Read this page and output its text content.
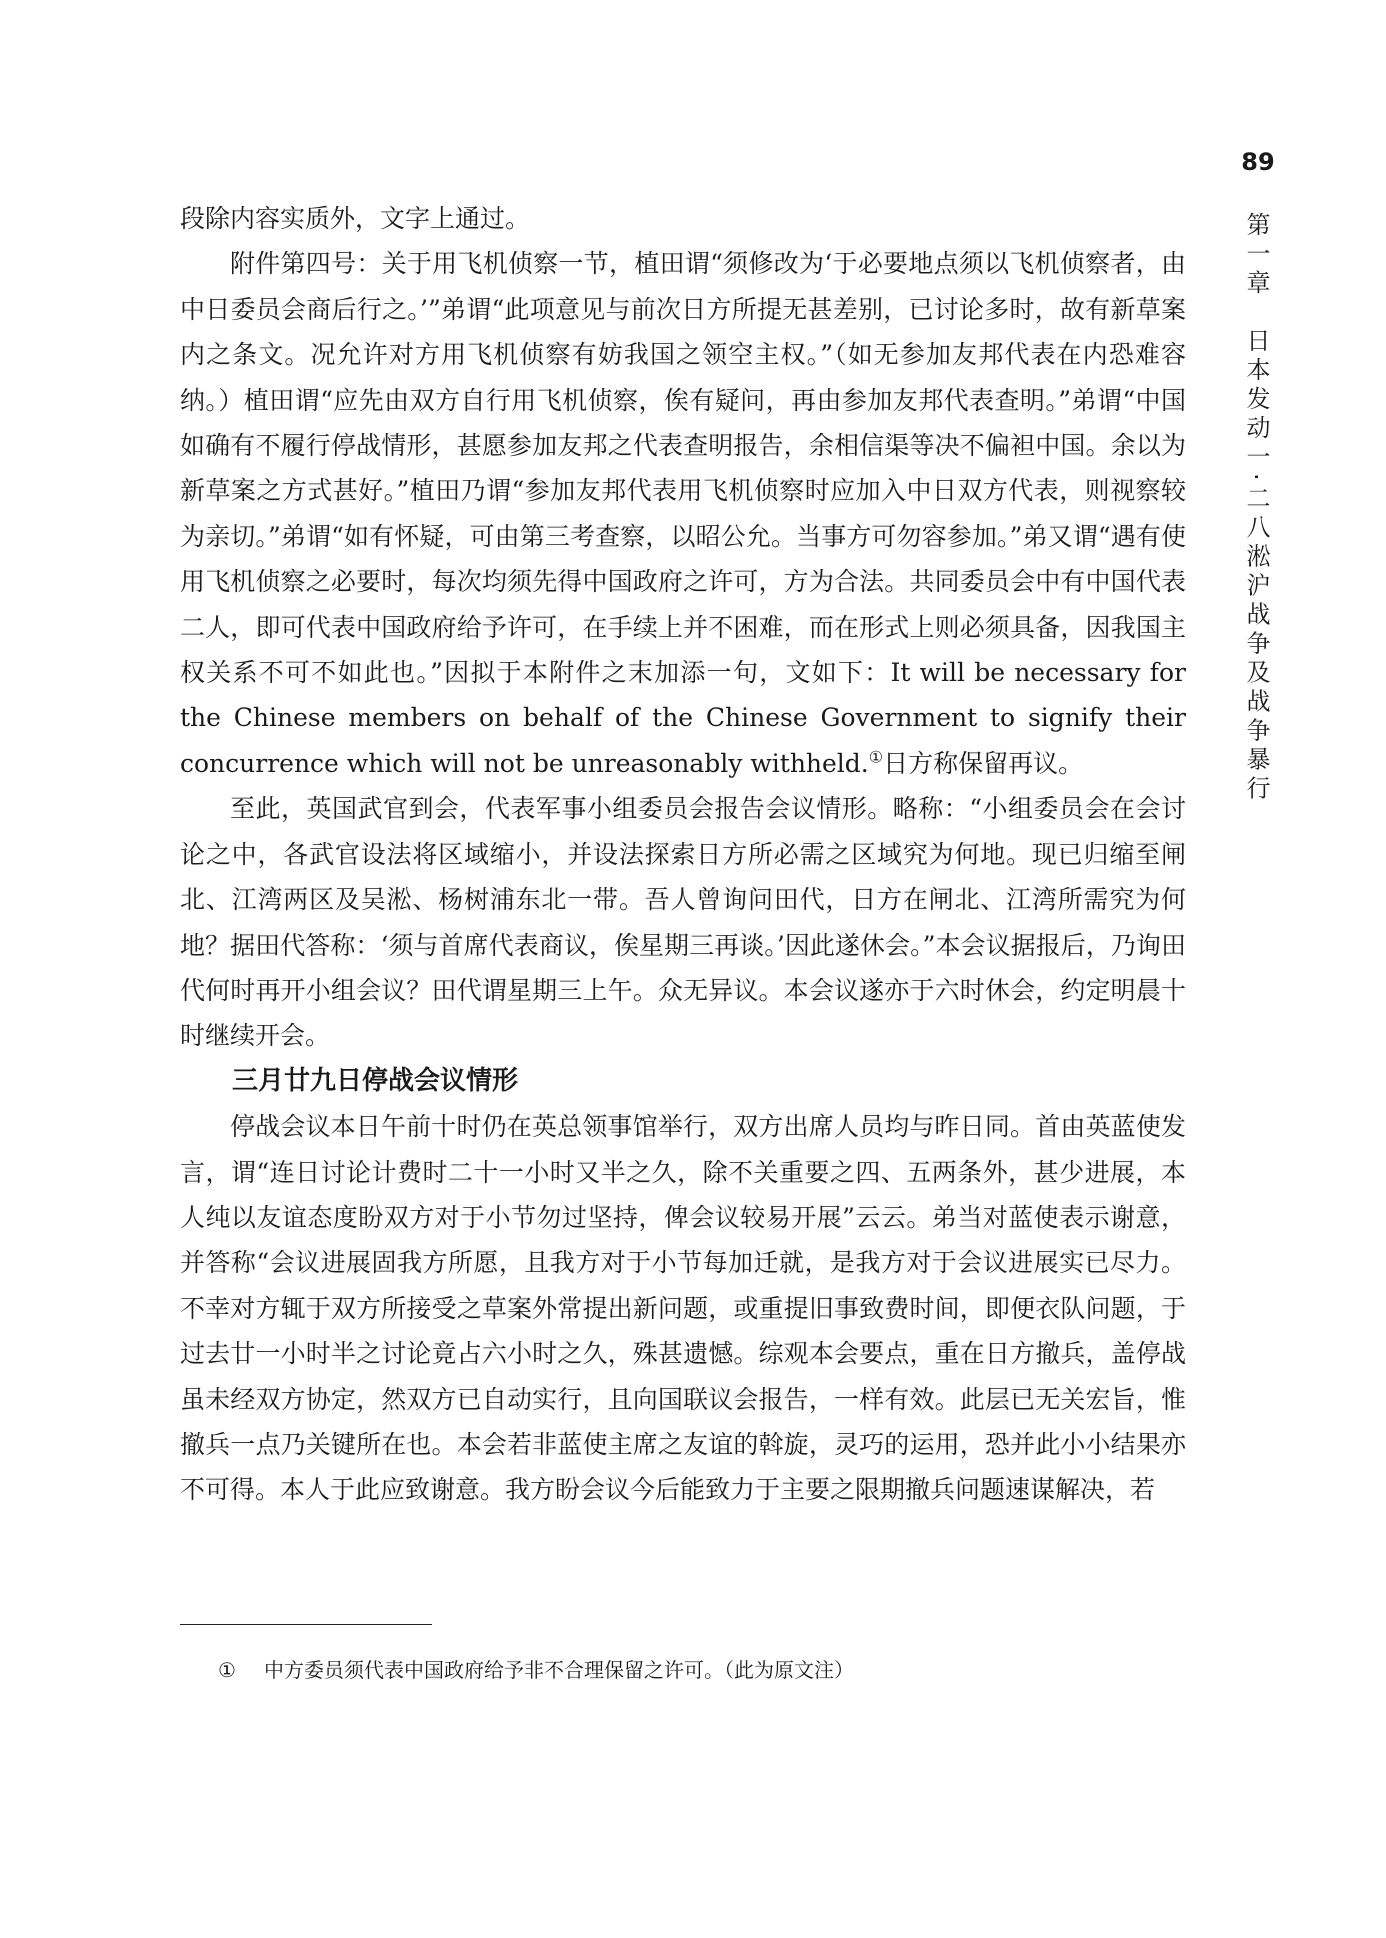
89
第一章　日本发动一·二八淞沪战争及战争暴行

段除内容实质外，文字上通过。

附件第四号：关于用飞机侦察一节，植田谓“须修改为‘于必要地点须以飞机侦察者，由中日委员会商后行之。’”弟谓“此项意见与前次日方所提无甚差别，已讨论多时，故有新草案内之条文。况允许对方用飞机侦察有妨我国之领空主权。”（如无参加友邦代表在内恐难容纳。）植田谓“应先由双方自行用飞机侦察，俟有疑问，再由参加友邦代表查明。”弟谓“中国如确有不履行停战情形，甚愿参加友邦之代表查明报告，余相信渠等决不偏袒中国。余以为新草案之方式甚好。”植田乃谓“参加友邦代表用飞机侦察时应加入中日双方代表，则视察较为亲切。”弟谓“如有怀疑，可由第三考查察，以昭公允。当事方可勿容参加。”弟又谓“遇有使用飞机侦察之必要时，每次均须先得中国政府之许可，方为合法。共同委员会中有中国代表二人，即可代表中国政府给予许可，在手续上并不困难，而在形式上则必须具备，因我国主权关系不可不如此也。”因拟于本附件之末加添一句，文如下：It will be necessary for the Chinese members on behalf of the Chinese Government to signify their concurrence which will not be unreasonably withheld.①日方称保留再议。

至此，英国武官到会，代表军事小组委员会报告会议情形。略称：“小组委员会在会讨论之中，各武官设法将区域缩小，并设法探索日方所必需之区域究为何地。现已归缩至闸北、江湾两区及吴淞、杨树浦东北一带。吾人曾询问田代，日方在闸北、江湾所需究为何地？据田代答称：‘须与首席代表商议，俟星期三再谈。’因此遂休会。”本会议据报后，乃询田代何时再开小组会议？田代谓星期三上午。众无异议。本会议遂亦于六时休会，约定明晨十时继续开会。

三月廿九日停战会议情形

停战会议本日午前十时仍在英总领事馆举行，双方出席人员均与昨日同。首由英蓝使发言，谓“连日讨论计费时二十一小时又半之久，除不关重要之四、五两条外，甚少进展，本人纯以友谊态度盼双方对于小节勿过坚持，俾会议较易开展”云云。弟当对蓝使表示谢意，并答称“会议进展固我方所愿，且我方对于小节每加迁就，是我方对于会议进展实已尽力。不幸对方辄于双方所接受之草案外常提出新问题，或重提旧事致费时间，即便衣队问题，于过去廿一小时半之讨论竟占六小时之久，殊甚遗憾。综观本会要点，重在日方撤兵，盖停战虽未经双方协定，然双方已自动实行，且向国联议会报告，一样有效。此层已无关宏旨，惟撤兵一点乃关键所在也。本会若非蓝使主席之友谊的斡旋，灵巧的运用，恐并此小小结果亦不可得。本人于此应致谢意。我方盼会议今后能致力于主要之限期撤兵问题速谋解决，若

① 中方委员须代表中国政府给予非不合理保留之许可。（此为原文注）
